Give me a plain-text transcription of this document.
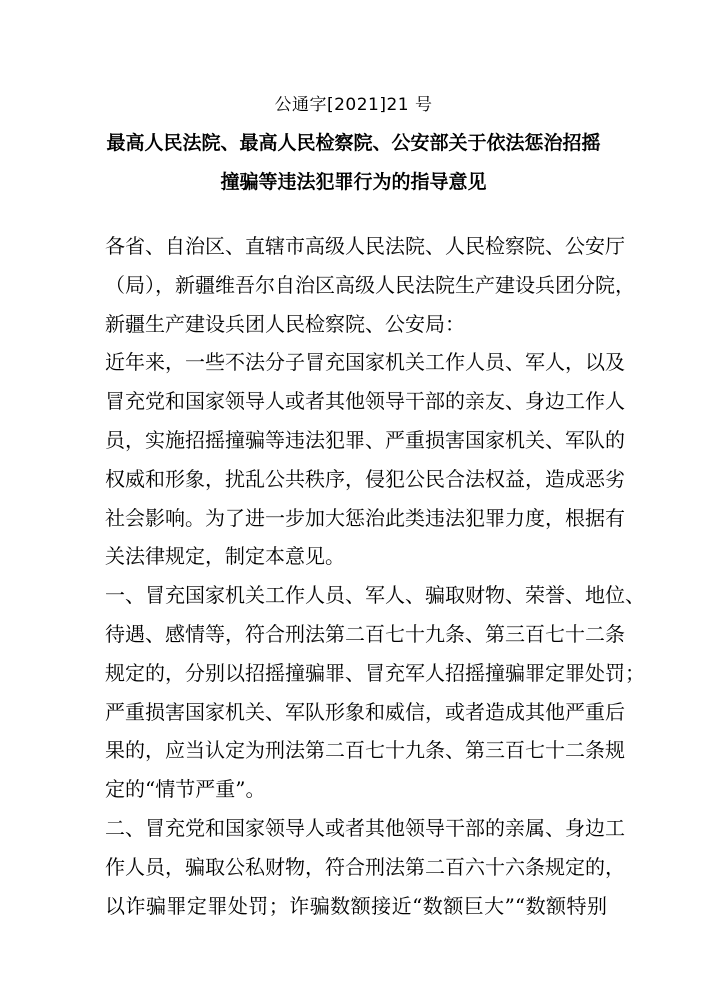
公通字[2021]21 号
最高人民法院、最高人民检察院、公安部关于依法惩治招摇
撞骗等违法犯罪行为的指导意见
各省、自治区、直辖市高级人民法院、人民检察院、公安厅
（局），新疆维吾尔自治区高级人民法院生产建设兵团分院，
新疆生产建设兵团人民检察院、公安局：
近年来，一些不法分子冒充国家机关工作人员、军人，以及
冒充党和国家领导人或者其他领导干部的亲友、身边工作人
员，实施招摇撞骗等违法犯罪、严重损害国家机关、军队的
权威和形象，扰乱公共秩序，侵犯公民合法权益，造成恶劣
社会影响。为了进一步加大惩治此类违法犯罪力度，根据有
关法律规定，制定本意见。
一、冒充国家机关工作人员、军人、骗取财物、荣誉、地位、
待遇、感情等，符合刑法第二百七十九条、第三百七十二条
规定的，分别以招摇撞骗罪、冒充军人招摇撞骗罪定罪处罚；
严重损害国家机关、军队形象和威信，或者造成其他严重后
果的，应当认定为刑法第二百七十九条、第三百七十二条规
定的“情节严重”。
二、冒充党和国家领导人或者其他领导干部的亲属、身边工
作人员，骗取公私财物，符合刑法第二百六十六条规定的，
以诈骗罪定罪处罚；诈骗数额接近“数额巨大”“数额特别
